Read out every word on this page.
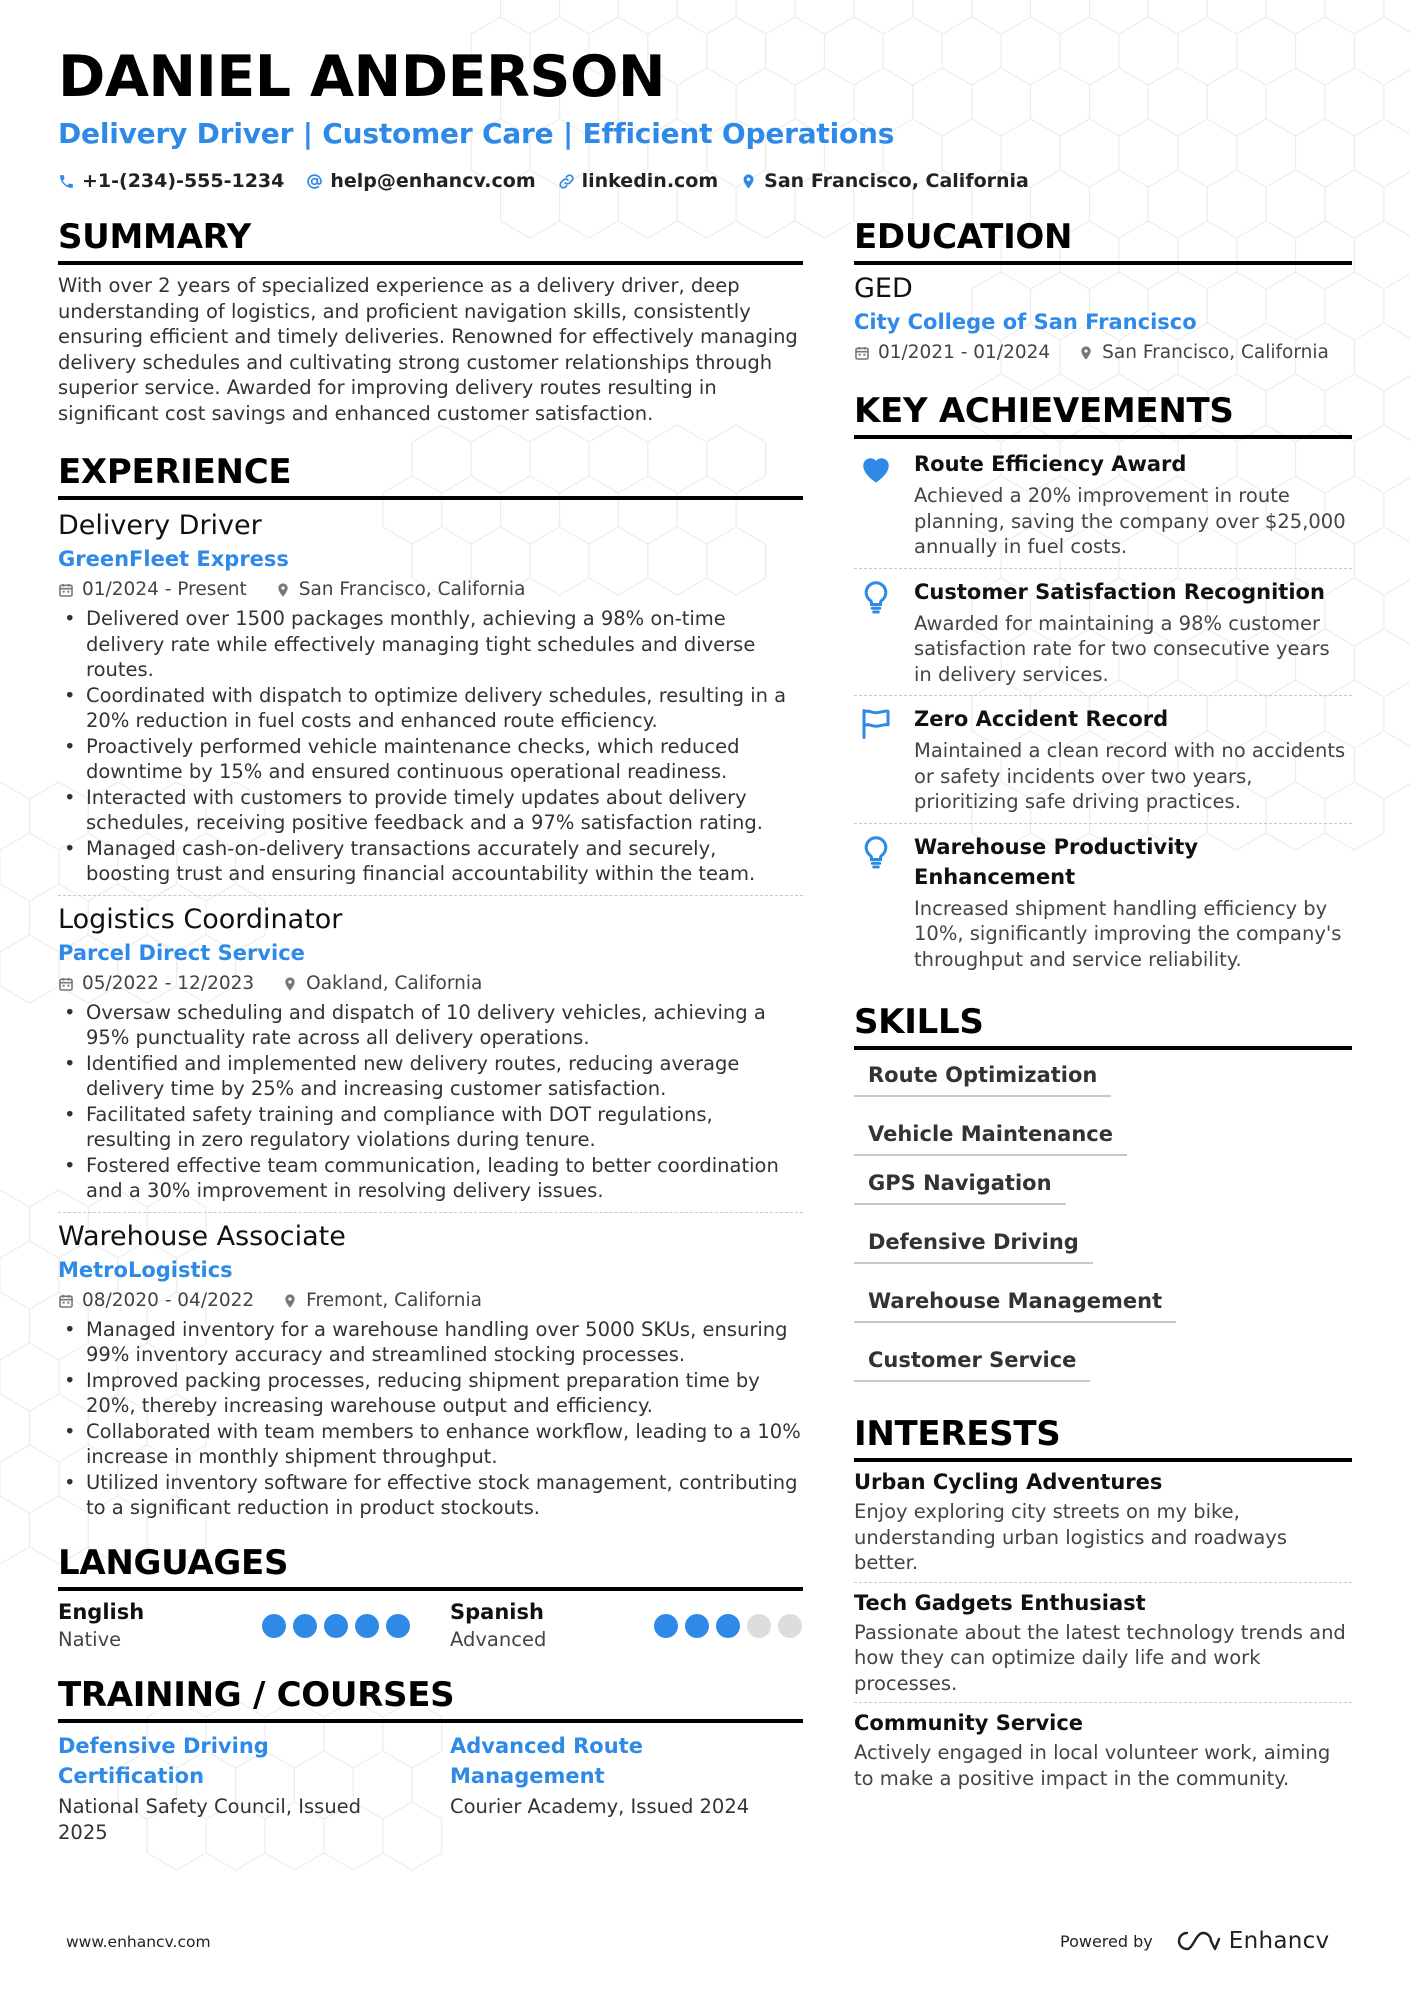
DANIEL ANDERSON
Delivery Driver | Customer Care | Efficient Operations
+1-(234)-555-1234 help@enhancv.com linkedin.com San Francisco, California
SUMMARY

With over 2 years of specialized experience as a delivery driver, deep understanding of logistics, and proficient navigation skills, consistently ensuring efficient and timely deliveries. Renowned for effectively managing delivery schedules and cultivating strong customer relationships through superior service. Awarded for improving delivery routes resulting in significant cost savings and enhanced customer satisfaction.

EXPERIENCE
Delivery Driver
GreenFleet Express
01/2024 - Present	San Francisco, California
• Delivered over 1500 packages monthly, achieving a 98% on-time delivery rate while effectively managing tight schedules and diverse routes.
• Coordinated with dispatch to optimize delivery schedules, resulting in a 20% reduction in fuel costs and enhanced route efficiency.
• Proactively performed vehicle maintenance checks, which reduced downtime by 15% and ensured continuous operational readiness.
• Interacted with customers to provide timely updates about delivery schedules, receiving positive feedback and a 97% satisfaction rating.
• Managed cash-on-delivery transactions accurately and securely, boosting trust and ensuring financial accountability within the team.
Logistics Coordinator
Parcel Direct Service
05/2022 - 12/2023	Oakland, California
• Oversaw scheduling and dispatch of 10 delivery vehicles, achieving a 95% punctuality rate across all delivery operations.
• Identified and implemented new delivery routes, reducing average delivery time by 25% and increasing customer satisfaction.
• Facilitated safety training and compliance with DOT regulations, resulting in zero regulatory violations during tenure.
• Fostered effective team communication, leading to better coordination and a 30% improvement in resolving delivery issues.
Warehouse Associate
MetroLogistics
08/2020 - 04/2022	Fremont, California
• Managed inventory for a warehouse handling over 5000 SKUs, ensuring 99% inventory accuracy and streamlined stocking processes.
• Improved packing processes, reducing shipment preparation time by 20%, thereby increasing warehouse output and efficiency.
• Collaborated with team members to enhance workflow, leading to a 10% increase in monthly shipment throughput.
• Utilized inventory software for effective stock management, contributing to a significant reduction in product stockouts.
LANGUAGES
English
Native
Spanish
Advanced
TRAINING / COURSES
Defensive Driving Certification
National Safety Council, Issued 2025
Advanced Route Management
Courier Academy, Issued 2024
EDUCATION
GED
City College of San Francisco
01/2021 - 01/2024	San Francisco, California
KEY ACHIEVEMENTS
Route Efficiency Award
Achieved a 20% improvement in route planning, saving the company over $25,000 annually in fuel costs.
Customer Satisfaction Recognition
Awarded for maintaining a 98% customer satisfaction rate for two consecutive years in delivery services.
Zero Accident Record
Maintained a clean record with no accidents or safety incidents over two years, prioritizing safe driving practices.
Warehouse Productivity Enhancement
Increased shipment handling efficiency by 10%, significantly improving the company's throughput and service reliability.
SKILLS
Route Optimization
Vehicle Maintenance
GPS Navigation
Defensive Driving
Warehouse Management
Customer Service
INTERESTS
Urban Cycling Adventures
Enjoy exploring city streets on my bike, understanding urban logistics and roadways better.
Tech Gadgets Enthusiast
Passionate about the latest technology trends and how they can optimize daily life and work processes.
Community Service
Actively engaged in local volunteer work, aiming to make a positive impact in the community.
www.enhancv.com	Powered by	Enhancv
